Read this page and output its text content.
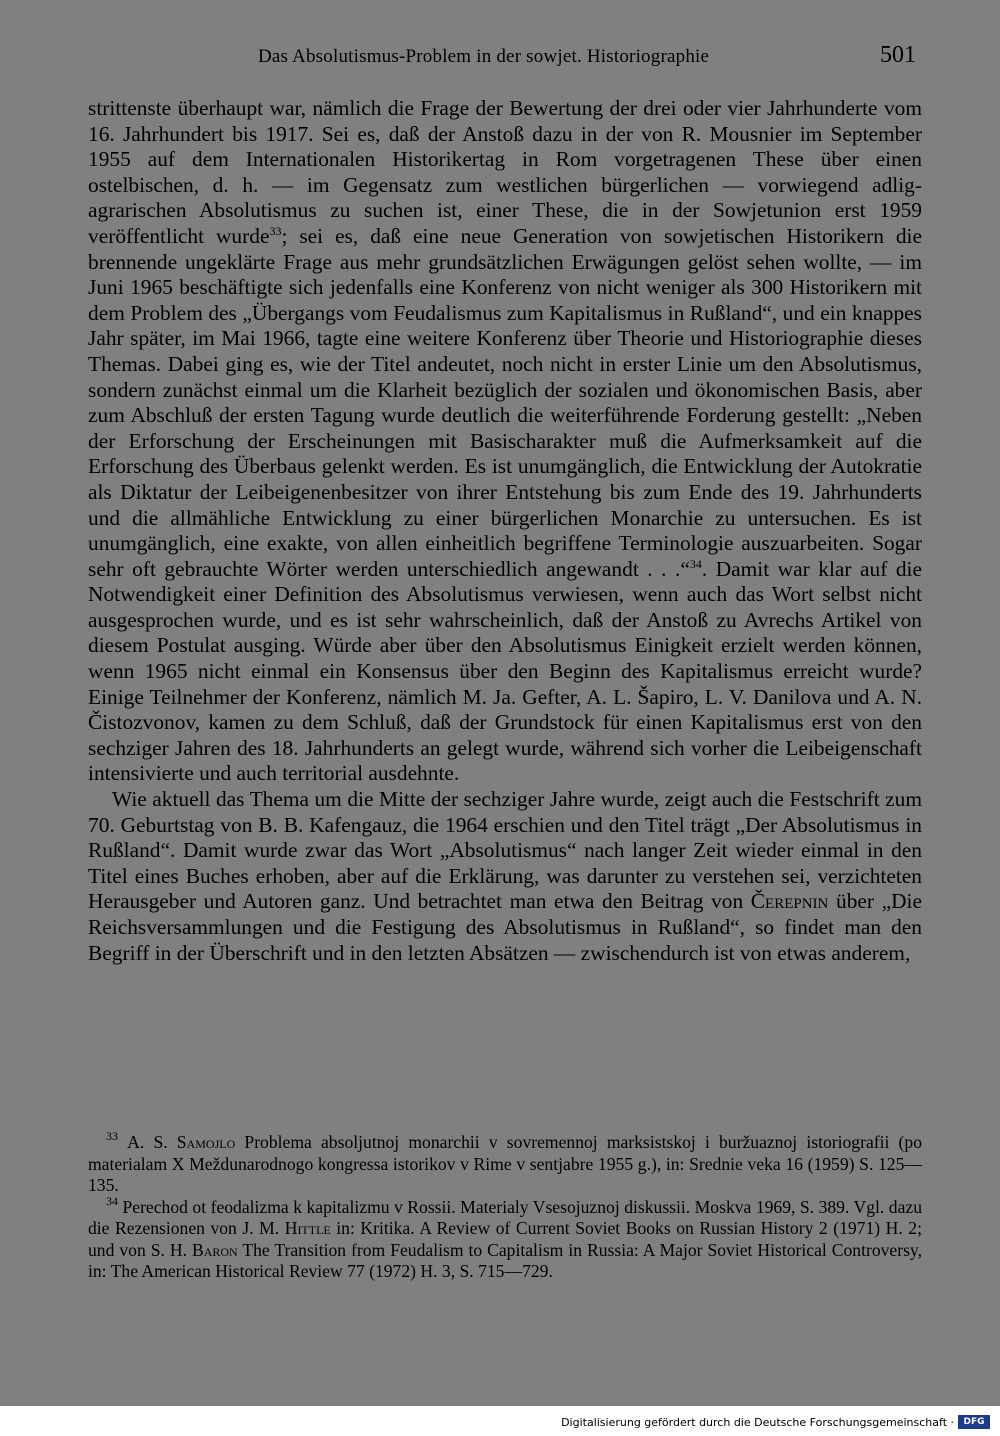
Das Absolutismus-Problem in der sowjet. Historiographie	501

strittenste überhaupt war, nämlich die Frage der Bewertung der drei oder vier Jahrhunderte vom 16. Jahrhundert bis 1917. Sei es, daß der Anstoß dazu in der von R. Mousnier im September 1955 auf dem Internationalen Historikertag in Rom vorgetragenen These über einen ostelbischen, d. h. — im Gegensatz zum westlichen bürgerlichen — vorwiegend adlig-agrarischen Absolutismus zu suchen ist, einer These, die in der Sowjetunion erst 1959 veröffentlicht wurde$^{33}$; sei es, daß eine neue Generation von sowjetischen Historikern die brennende ungeklärte Frage aus mehr grundsätzlichen Erwägungen gelöst sehen wollte, — im Juni 1965 beschäftigte sich jedenfalls eine Konferenz von nicht weniger als 300 Historikern mit dem Problem des „Übergangs vom Feudalismus zum Kapitalismus in Rußland“, und ein knappes Jahr später, im Mai 1966, tagte eine weitere Konferenz über Theorie und Historiographie dieses Themas. Dabei ging es, wie der Titel andeutet, noch nicht in erster Linie um den Absolutismus, sondern zunächst einmal um die Klarheit bezüglich der sozialen und ökonomischen Basis, aber zum Abschluß der ersten Tagung wurde deutlich die weiterführende Forderung gestellt: „Neben der Erforschung der Erscheinungen mit Basischarakter muß die Aufmerksamkeit auf die Erforschung des Überbaus gelenkt werden. Es ist unumgänglich, die Entwicklung der Autokratie als Diktatur der Leibeigenenbesitzer von ihrer Entstehung bis zum Ende des 19. Jahrhunderts und die allmähliche Entwicklung zu einer bürgerlichen Monarchie zu untersuchen. Es ist unumgänglich, eine exakte, von allen einheitlich begriffene Terminologie auszuarbeiten. Sogar sehr oft gebrauchte Wörter werden unterschiedlich angewandt . . .“$^{34}$. Damit war klar auf die Notwendigkeit einer Definition des Absolutismus verwiesen, wenn auch das Wort selbst nicht ausgesprochen wurde, und es ist sehr wahrscheinlich, daß der Anstoß zu Avrechs Artikel von diesem Postulat ausging. Würde aber über den Absolutismus Einigkeit erzielt werden können, wenn 1965 nicht einmal ein Konsensus über den Beginn des Kapitalismus erreicht wurde? Einige Teilnehmer der Konferenz, nämlich M. Ja. Gefter, A. L. Šapiro, L. V. Danilova und A. N. Čistozvonov, kamen zu dem Schluß, daß der Grundstock für einen Kapitalismus erst von den sechziger Jahren des 18. Jahrhunderts an gelegt wurde, während sich vorher die Leibeigenschaft intensivierte und auch territorial ausdehnte.

Wie aktuell das Thema um die Mitte der sechziger Jahre wurde, zeigt auch die Festschrift zum 70. Geburtstag von B. B. Kafengauz, die 1964 erschien und den Titel trägt „Der Absolutismus in Rußland“. Damit wurde zwar das Wort „Absolutismus“ nach langer Zeit wieder einmal in den Titel eines Buches erhoben, aber auf die Erklärung, was darunter zu verstehen sei, verzichteten Herausgeber und Autoren ganz. Und betrachtet man etwa den Beitrag von Čerepnin über „Die Reichsversammlungen und die Festigung des Absolutismus in Rußland“, so findet man den Begriff in der Überschrift und in den letzten Absätzen — zwischendurch ist von etwas anderem,

$^{33}$ A. S. Samojlo Problema absoljutnoj monarchii v sovremennoj marksistskoj i buržuaznoj istoriografii (po materialam X Meždunarodnogo kongressa istorikov v Rime v sentjabre 1955 g.), in: Srednie veka 16 (1959) S. 125—135.

$^{34}$ Perechod ot feodalizma k kapitalizmu v Rossii. Materialy Vsesojuznoj diskussii. Moskva 1969, S. 389. Vgl. dazu die Rezensionen von J. M. Hittle in: Kritika. A Review of Current Soviet Books on Russian History 2 (1971) H. 2; und von S. H. Baron The Transition from Feudalism to Capitalism in Russia: A Major Soviet Historical Controversy, in: The American Historical Review 77 (1972) H. 3, S. 715—729.

Digitalisierung gefördert durch die Deutsche Forschungsgemeinschaft ·	DFG
